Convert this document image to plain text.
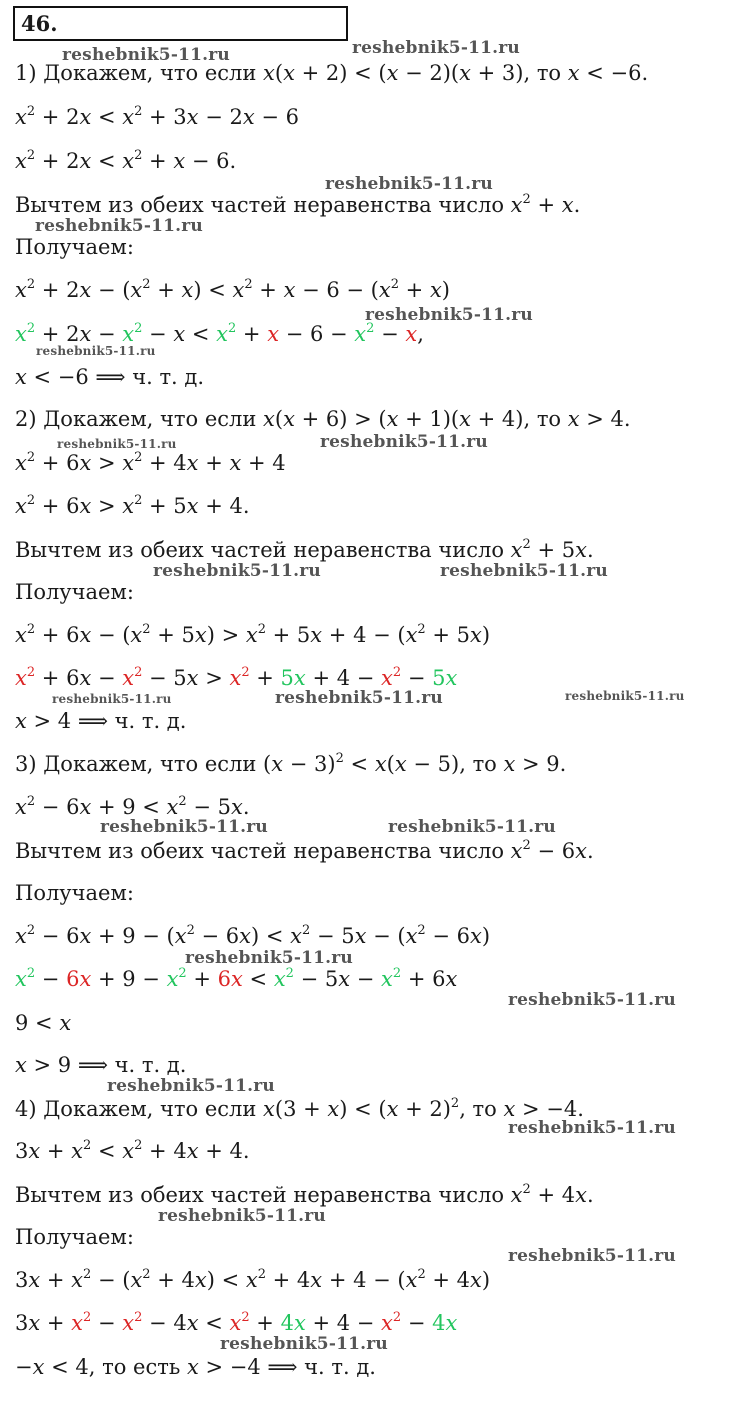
46.
1) Докажем, что если x(x + 2) < (x − 2)(x + 3), то x < −6.
$x^2 + 2x < x^2 + 3x - 2x - 6$
$x^2 + 2x < x^2 + x - 6$.
Вычтем из обеих частей неравенства число $x^2 + x$.
Получаем:
$x^2 + 2x - (x^2 + x) < x^2 + x - 6 - (x^2 + x)$
$x^2 + 2x - x^2 - x < x^2 + x - 6 - x^2 - x$,
x < −6 ⟹ ч. т. д.
2) Докажем, что если x(x + 6) > (x + 1)(x + 4), то x > 4.
$x^2 + 6x > x^2 + 4x + x + 4$
$x^2 + 6x > x^2 + 5x + 4$.
Вычтем из обеих частей неравенства число $x^2 + 5x$.
Получаем:
$x^2 + 6x - (x^2 + 5x) > x^2 + 5x + 4 - (x^2 + 5x)$
$x^2 + 6x - x^2 - 5x > x^2 + 5x + 4 - x^2 - 5x$
x > 4 ⟹ ч. т. д.
3) Докажем, что если $(x - 3)^2 < x(x - 5)$, то x > 9.
$x^2 - 6x + 9 < x^2 - 5x$.
Вычтем из обеих частей неравенства число $x^2 - 6x$.
Получаем:
$x^2 - 6x + 9 - (x^2 - 6x) < x^2 - 5x - (x^2 - 6x)$
$x^2 - 6x + 9 - x^2 + 6x < x^2 - 5x - x^2 + 6x$
9 < x
x > 9 ⟹ ч. т. д.
4) Докажем, что если $x(3 + x) < (x + 2)^2$, то x > −4.
$3x + x^2 < x^2 + 4x + 4$.
Вычтем из обеих частей неравенства число $x^2 + 4x$.
Получаем:
$3x + x^2 - (x^2 + 4x) < x^2 + 4x + 4 - (x^2 + 4x)$
$3x + x^2 - x^2 - 4x < x^2 + 4x + 4 - x^2 - 4x$
−x < 4, то есть x > −4 ⟹ ч. т. д.
reshebnik5-11.ru	reshebnik5-11.ru
reshebnik5-11.ru
reshebnik5-11.ru
reshebnik5-11.ru
reshebnik5-11.ru
reshebnik5-11.ru	reshebnik5-11.ru
reshebnik5-11.ru	reshebnik5-11.ru
reshebnik5-11.ru	reshebnik5-11.ru	reshebnik5-11.ru
reshebnik5-11.ru	reshebnik5-11.ru
reshebnik5-11.ru
reshebnik5-11.ru
reshebnik5-11.ru
reshebnik5-11.ru
reshebnik5-11.ru
reshebnik5-11.ru
reshebnik5-11.ru
